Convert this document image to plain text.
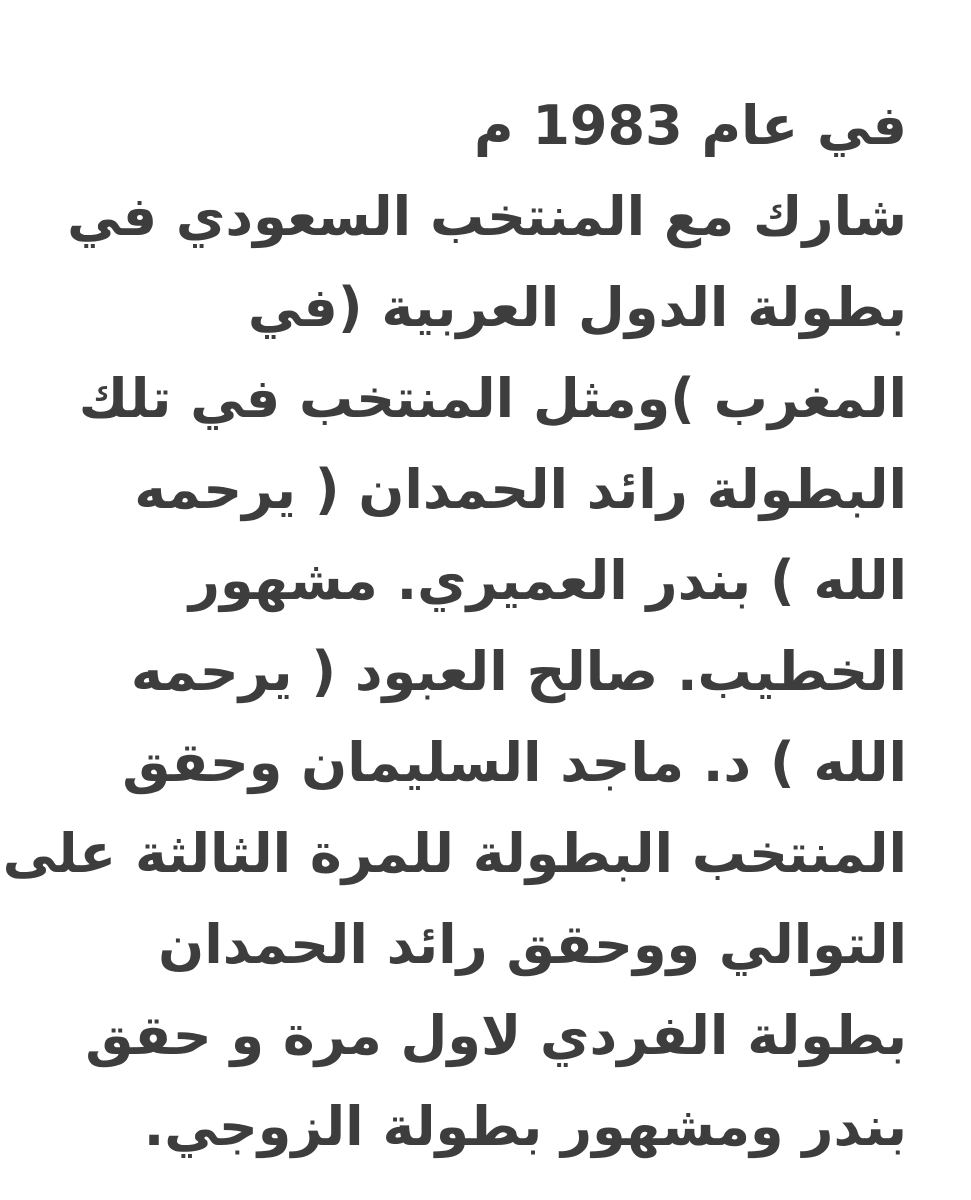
في عام 1983 م
شارك مع المنتخب السعودي في
بطولة الدول العربية (في
المغرب )ومثل المنتخب في تلك
البطولة رائد الحمدان ( يرحمه
الله ) بندر العميري. مشهور
الخطيب. صالح العبود ( يرحمه
الله ) د. ماجد السليمان وحقق
المنتخب البطولة للمرة الثالثة على
التوالي ووحقق رائد الحمدان
بطولة الفردي لاول مرة و حقق
بندر ومشهور بطولة الزوجي.
